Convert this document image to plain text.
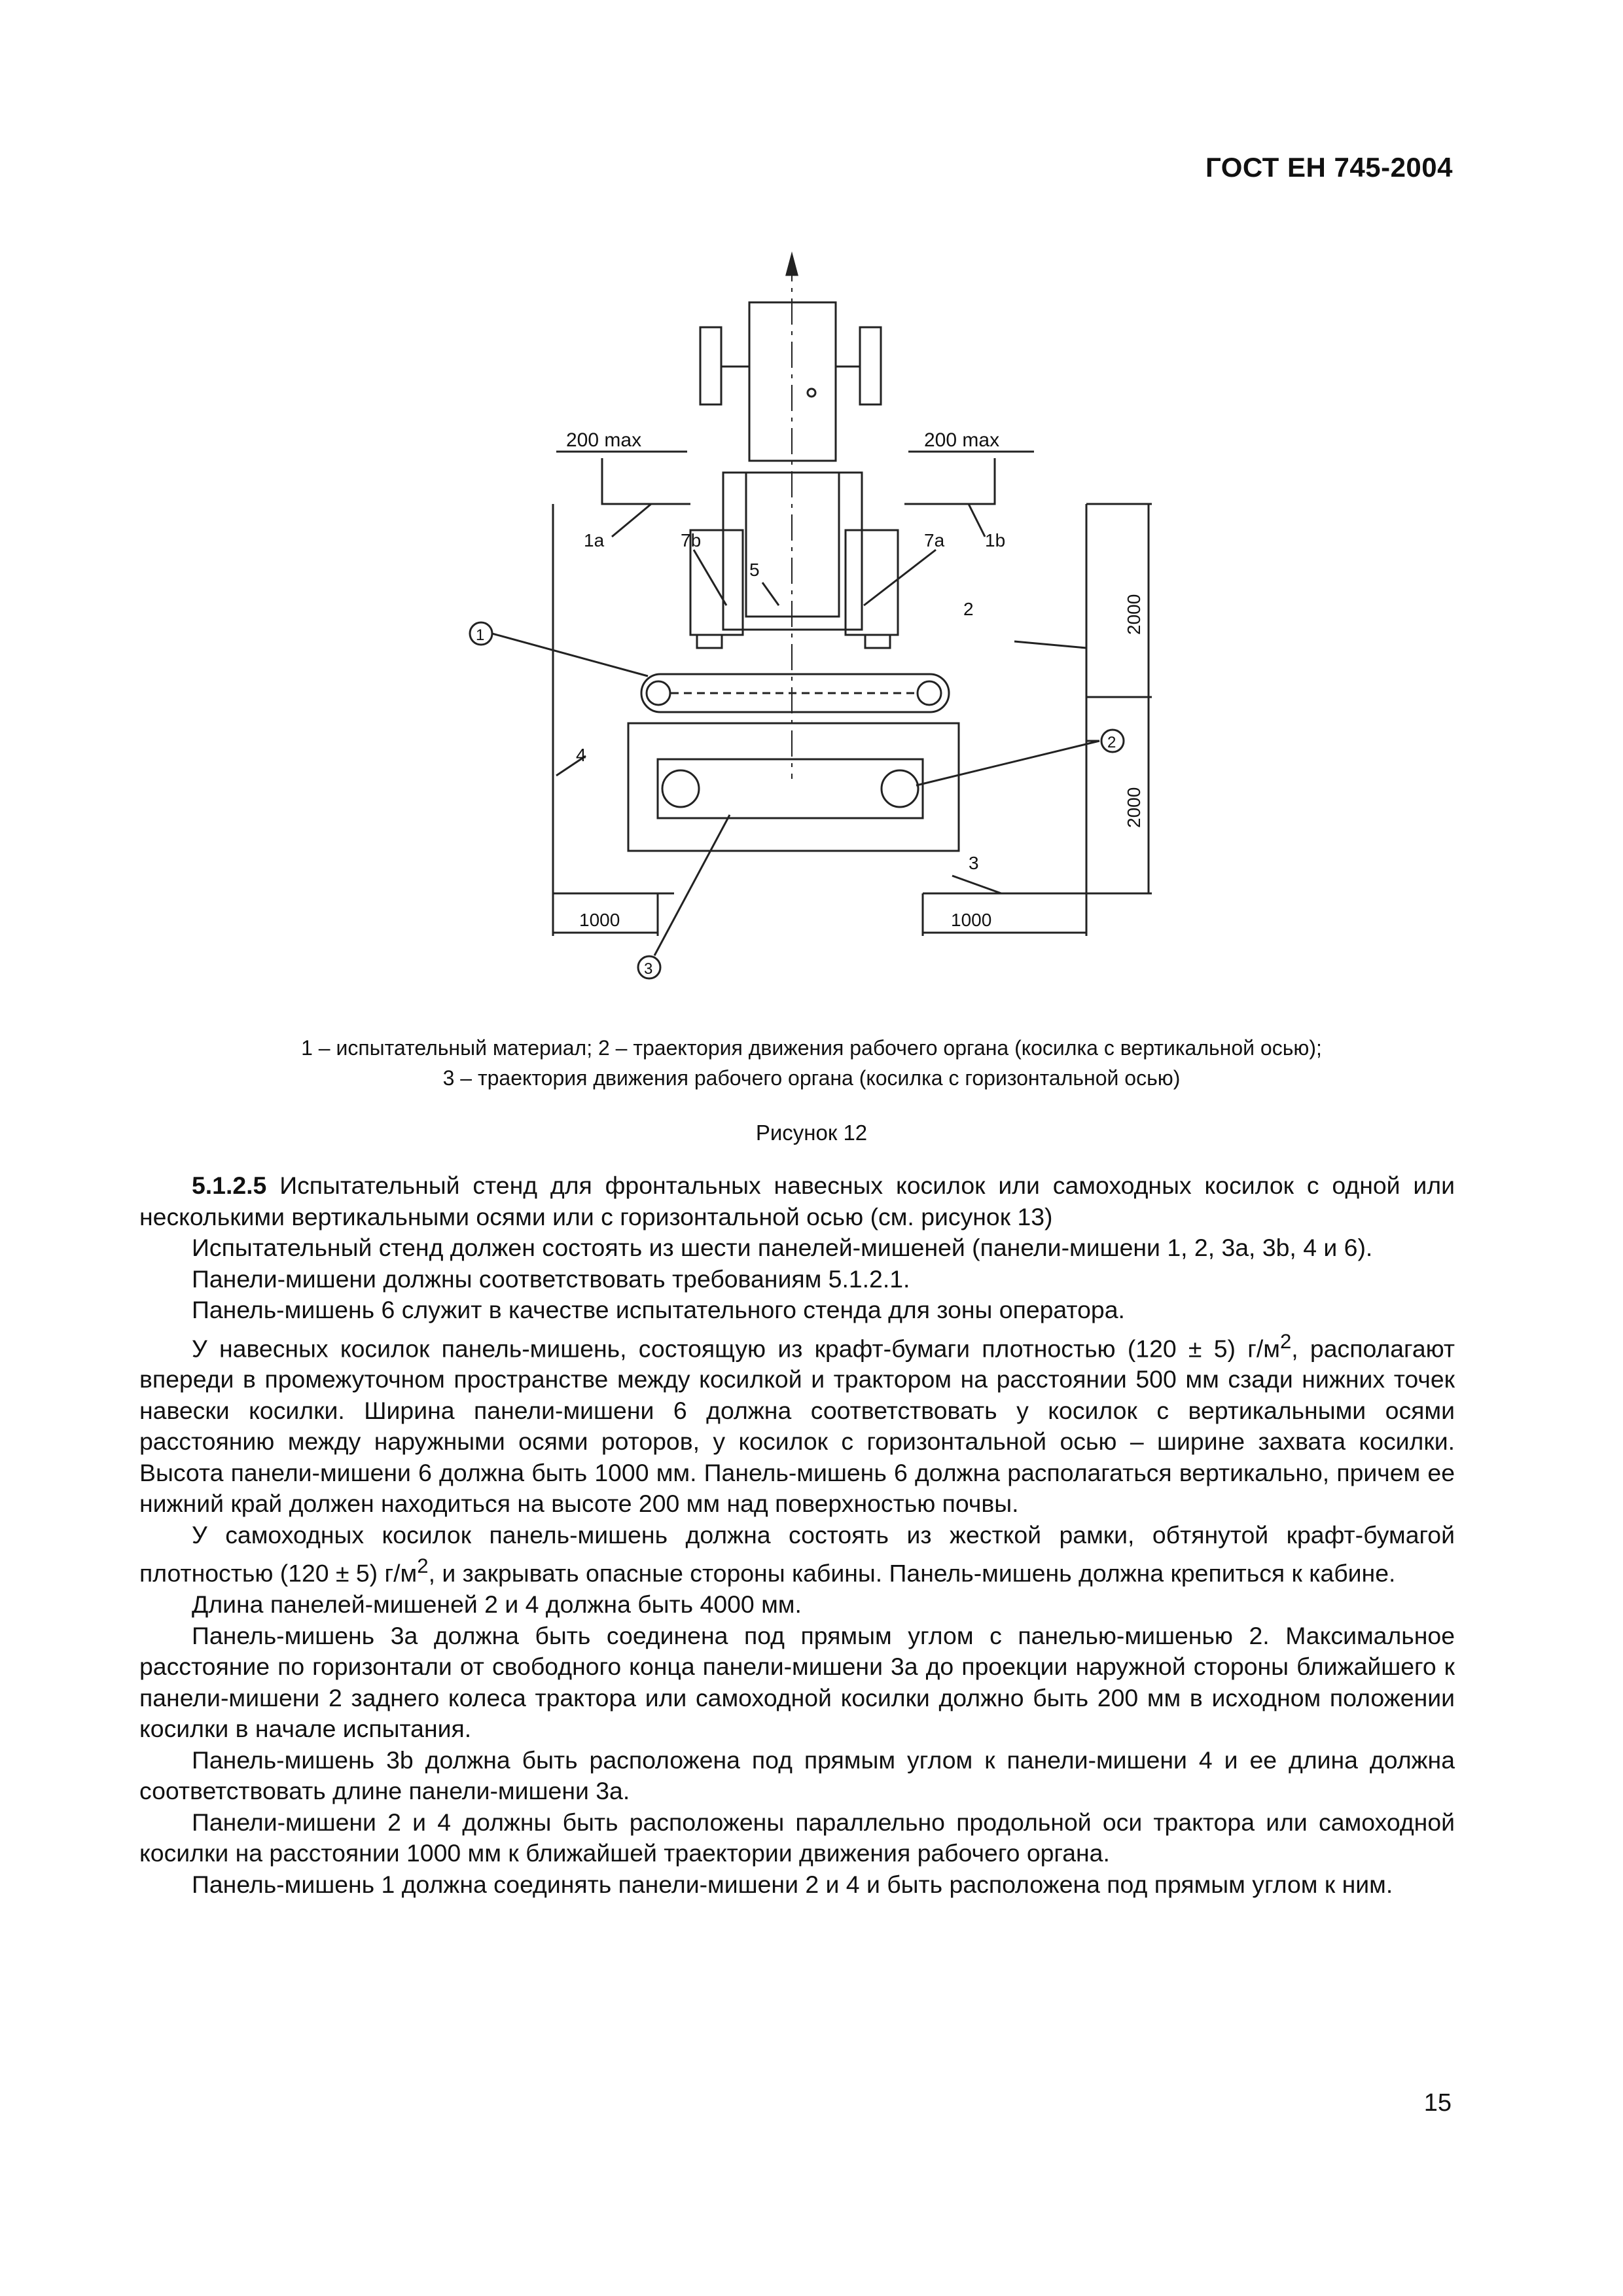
ГОСТ ЕН 745-2004
200 max	200 max
1a	1b
7b	7a
5
2
4
3
2000
2000
1000	1000
1
2
3
1 – испытательный материал; 2 – траектория движения рабочего органа (косилка с вертикальной осью);
3 – траектория движения рабочего органа (косилка с горизонтальной осью)
Рисунок 12

5.1.2.5 Испытательный стенд для фронтальных навесных косилок или самоходных косилок с одной или несколькими вертикальными осями или с горизонтальной осью (см. рисунок 13)

Испытательный стенд должен состоять из шести панелей-мишеней (панели-мишени 1, 2, 3a, 3b, 4 и 6).

Панели-мишени должны соответствовать требованиям 5.1.2.1.

Панель-мишень 6 служит в качестве испытательного стенда для зоны оператора.

У навесных косилок панель-мишень, состоящую из крафт-бумаги плотностью (120 ± 5) $г/м^2$, располагают впереди в промежуточном пространстве между косилкой и трактором на расстоянии 500 мм сзади нижних точек навески косилки. Ширина панели-мишени 6 должна соответствовать у косилок с вертикальными осями расстоянию между наружными осями роторов, у косилок с горизонтальной осью – ширине захвата косилки. Высота панели-мишени 6 должна быть 1000 мм. Панель-мишень 6 должна располагаться вертикально, причем ее нижний край должен находиться на высоте 200 мм над поверхностью почвы.

У самоходных косилок панель-мишень должна состоять из жесткой рамки, обтянутой крафт-бумагой плотностью (120 ± 5) $г/м^2$, и закрывать опасные стороны кабины. Панель-мишень должна крепиться к кабине.

Длина панелей-мишеней 2 и 4 должна быть 4000 мм.

Панель-мишень 3a должна быть соединена под прямым углом с панелью-мишенью 2. Максимальное расстояние по горизонтали от свободного конца панели-мишени 3a до проекции наружной стороны ближайшего к панели-мишени 2 заднего колеса трактора или самоходной косилки должно быть 200 мм в исходном положении косилки в начале испытания.

Панель-мишень 3b должна быть расположена под прямым углом к панели-мишени 4 и ее длина должна соответствовать длине панели-мишени 3a.

Панели-мишени 2 и 4 должны быть расположены параллельно продольной оси трактора или самоходной косилки на расстоянии 1000 мм к ближайшей траектории движения рабочего органа.

Панель-мишень 1 должна соединять панели-мишени 2 и 4 и быть расположена под прямым углом к ним.

15
